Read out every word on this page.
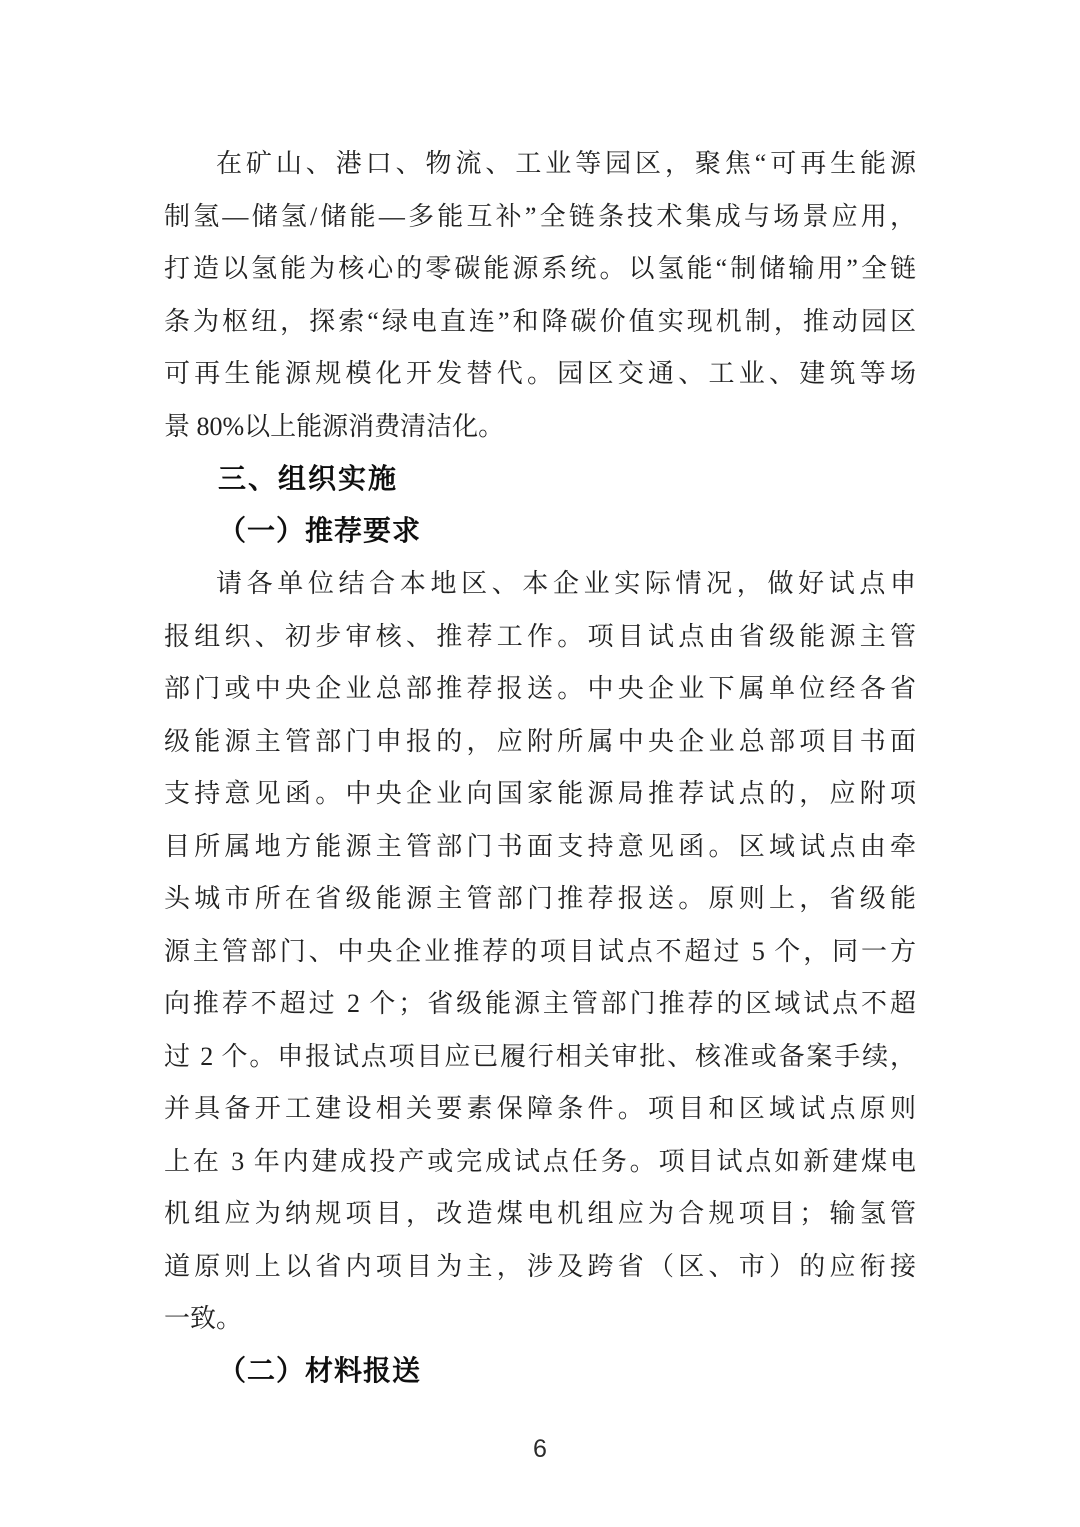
在矿山、港口、物流、工业等园区，聚焦“可再生能源
制氢—储氢/储能—多能互补”全链条技术集成与场景应用，
打造以氢能为核心的零碳能源系统。以氢能“制储输用”全链
条为枢纽，探索“绿电直连”和降碳价值实现机制，推动园区
可再生能源规模化开发替代。园区交通、工业、建筑等场
景 80%以上能源消费清洁化。
三、组织实施
（一）推荐要求
请各单位结合本地区、本企业实际情况，做好试点申
报组织、初步审核、推荐工作。项目试点由省级能源主管
部门或中央企业总部推荐报送。中央企业下属单位经各省
级能源主管部门申报的，应附所属中央企业总部项目书面
支持意见函。中央企业向国家能源局推荐试点的，应附项
目所属地方能源主管部门书面支持意见函。区域试点由牵
头城市所在省级能源主管部门推荐报送。原则上，省级能
源主管部门、中央企业推荐的项目试点不超过 5 个，同一方
向推荐不超过 2 个；省级能源主管部门推荐的区域试点不超
过 2 个。申报试点项目应已履行相关审批、核准或备案手续，
并具备开工建设相关要素保障条件。项目和区域试点原则
上在 3 年内建成投产或完成试点任务。项目试点如新建煤电
机组应为纳规项目，改造煤电机组应为合规项目；输氢管
道原则上以省内项目为主，涉及跨省（区、市）的应衔接
一致。
（二）材料报送
6
